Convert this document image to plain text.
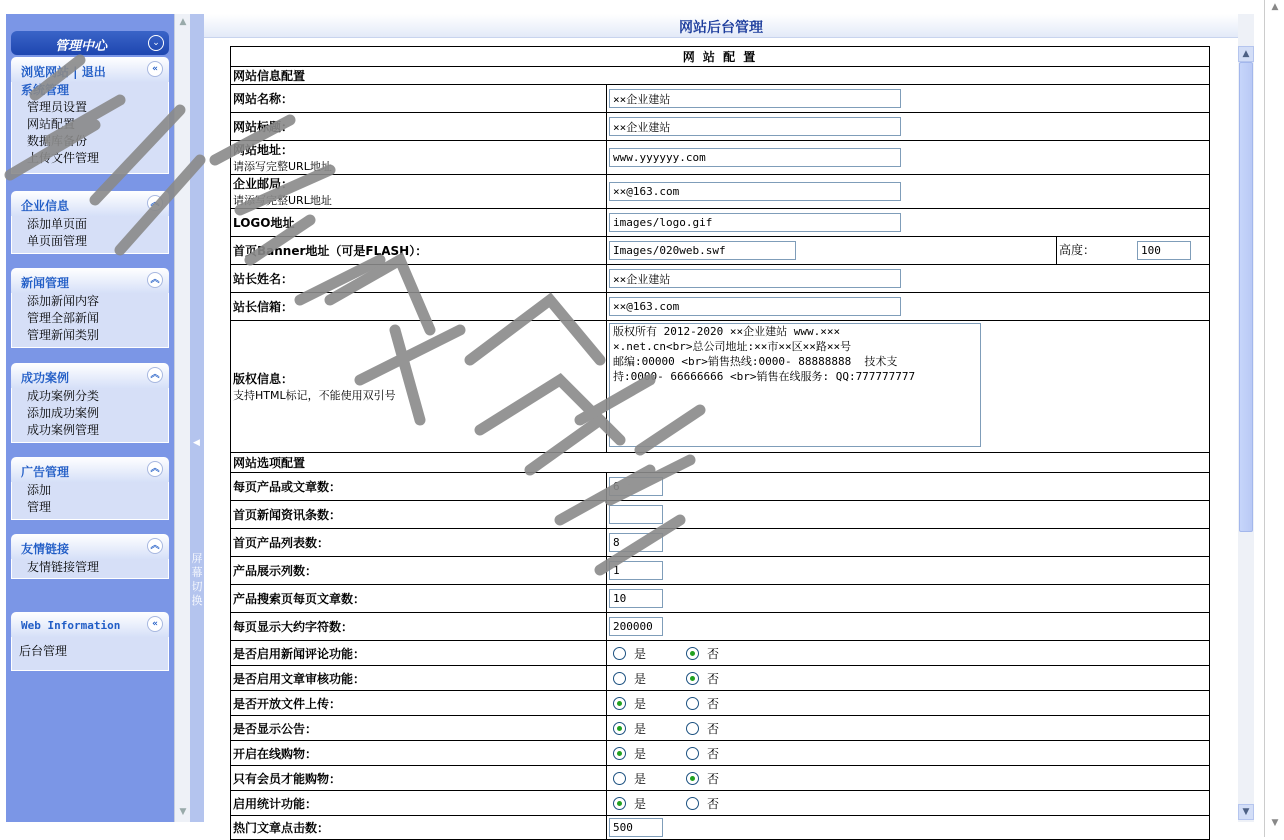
管理中心	⌄
浏览网站 | 退出	«
系统管理
管理员设置
网站配置
数据库备份
上传文件管理
企业信息	︽
添加单页面
单页面管理
新闻管理	︽
添加新闻内容
管理全部新闻
管理新闻类别
成功案例	︽
成功案例分类
添加成功案例
成功案例管理
广告管理	︽
添加
管理
友情链接	︽
友情链接管理
Web Information	«
后台管理
▲
▼
◀
屏幕切换
网站后台管理
网 站 配 置		
网站信息配置		
网站名称：	××企业建站
网站标题：	××企业建站
网站地址：
请添写完整URL地址
	www.yyyyyy.com
企业邮局：
请添写完整URL地址
	××@163.com
LOGO地址	images/logo.gif
首页Banner地址（可是FLASH）：	Images/020web.swf	高度：100
站长姓名：	××企业建站
站长信箱：	××@163.com
版权信息：
支持HTML标记，不能使用双引号
	版权所有 2012-2020 ××企业建站 www.××× ×.net.cn<br>总公司地址:××市××区××路××号 邮编:00000 <br>销售热线:0000- 88888888 技术支 持:0000- 66666666 <br>销售在线服务: QQ:777777777
网站选项配置		
每页产品或文章数：	6
首页新闻资讯条数：	
首页产品列表数：	8
产品展示列数：	1
产品搜索页每页文章数：	10
每页显示大约字符数：	200000
是否启用新闻评论功能：	是 否	
是否启用文章审核功能：	是 否	
是否开放文件上传：	是 否	
是否显示公告：	是 否	
开启在线购物：	是 否	
只有会员才能购物：	是 否	
启用统计功能：	是 否	
热门文章点击数：	500
▲
▼
▲
▼
